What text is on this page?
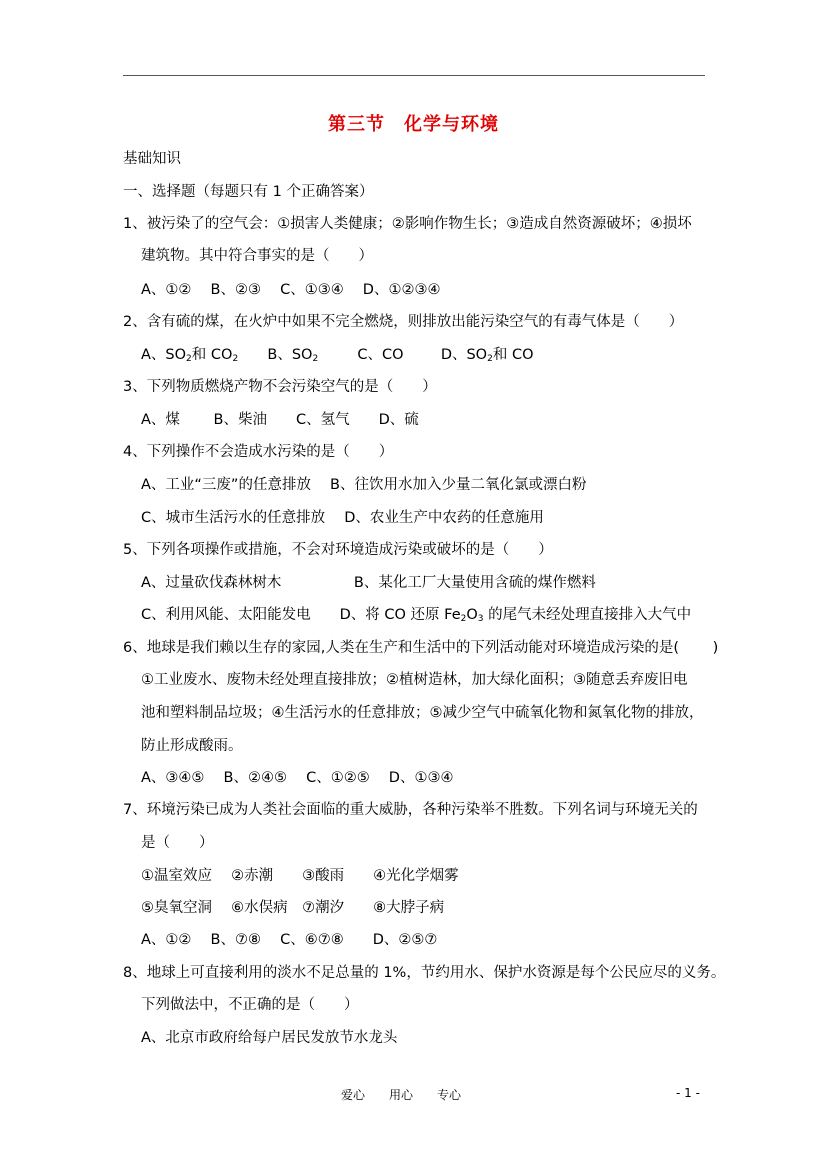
第三节　化学与环境
基础知识
一、选择题（每题只有 1 个正确答案）
1、被污染了的空气会：①损害人类健康；②影响作物生长；③造成自然资源破坏；④损坏
建筑物。其中符合事实的是（　　）
A、①②　 B、②③　 C、①③④　 D、①②③④
2、含有硫的煤，在火炉中如果不完全燃烧，则排放出能污染空气的有毒气体是（　　）
A、$SO_2$和 $CO_2$ B、$SO_2$	C、CO	D、$SO_2$和 CO
3、下列物质燃烧产物不会污染空气的是（　　）
A、煤　　 B、柴油　　C、氢气　　D、硫
4、下列操作不会造成水污染的是（　　）
A、工业“三废”的任意排放　 B、往饮用水加入少量二氧化氯或漂白粉
C、城市生活污水的任意排放　 D、农业生产中农药的任意施用
5、下列各项操作或措施，不会对环境造成污染或破坏的是（　　）
A、过量砍伐森林树木　　　　　B、某化工厂大量使用含硫的煤作燃料
C、利用风能、太阳能发电　　D、将 CO 还原 $Fe_2O_3$ 的尾气未经处理直接排入大气中
6、地球是我们赖以生存的家园,人类在生产和生活中的下列活动能对环境造成污染的是(　　 )
①工业废水、废物未经处理直接排放；②植树造林，加大绿化面积；③随意丢弃废旧电
池和塑料制品垃圾；④生活污水的任意排放；⑤减少空气中硫氧化物和氮氧化物的排放，
防止形成酸雨。
A、③④⑤　 B、②④⑤　 C、①②⑤　 D、①③④
7、环境污染已成为人类社会面临的重大威胁，各种污染举不胜数。下列名词与环境无关的
是（　　）
①温室效应　 ②赤潮　　③酸雨　　④光化学烟雾
⑤臭氧空洞　 ⑥水俣病　⑦潮汐　　⑧大脖子病
A、①②　 B、⑦⑧　 C、⑥⑦⑧　　D、②⑤⑦
8、地球上可直接利用的淡水不足总量的 1%，节约用水、保护水资源是每个公民应尽的义务。
下列做法中，不正确的是（　　）
A、北京市政府给每户居民发放节水龙头
爱心　　用心　　专心	- 1 -
